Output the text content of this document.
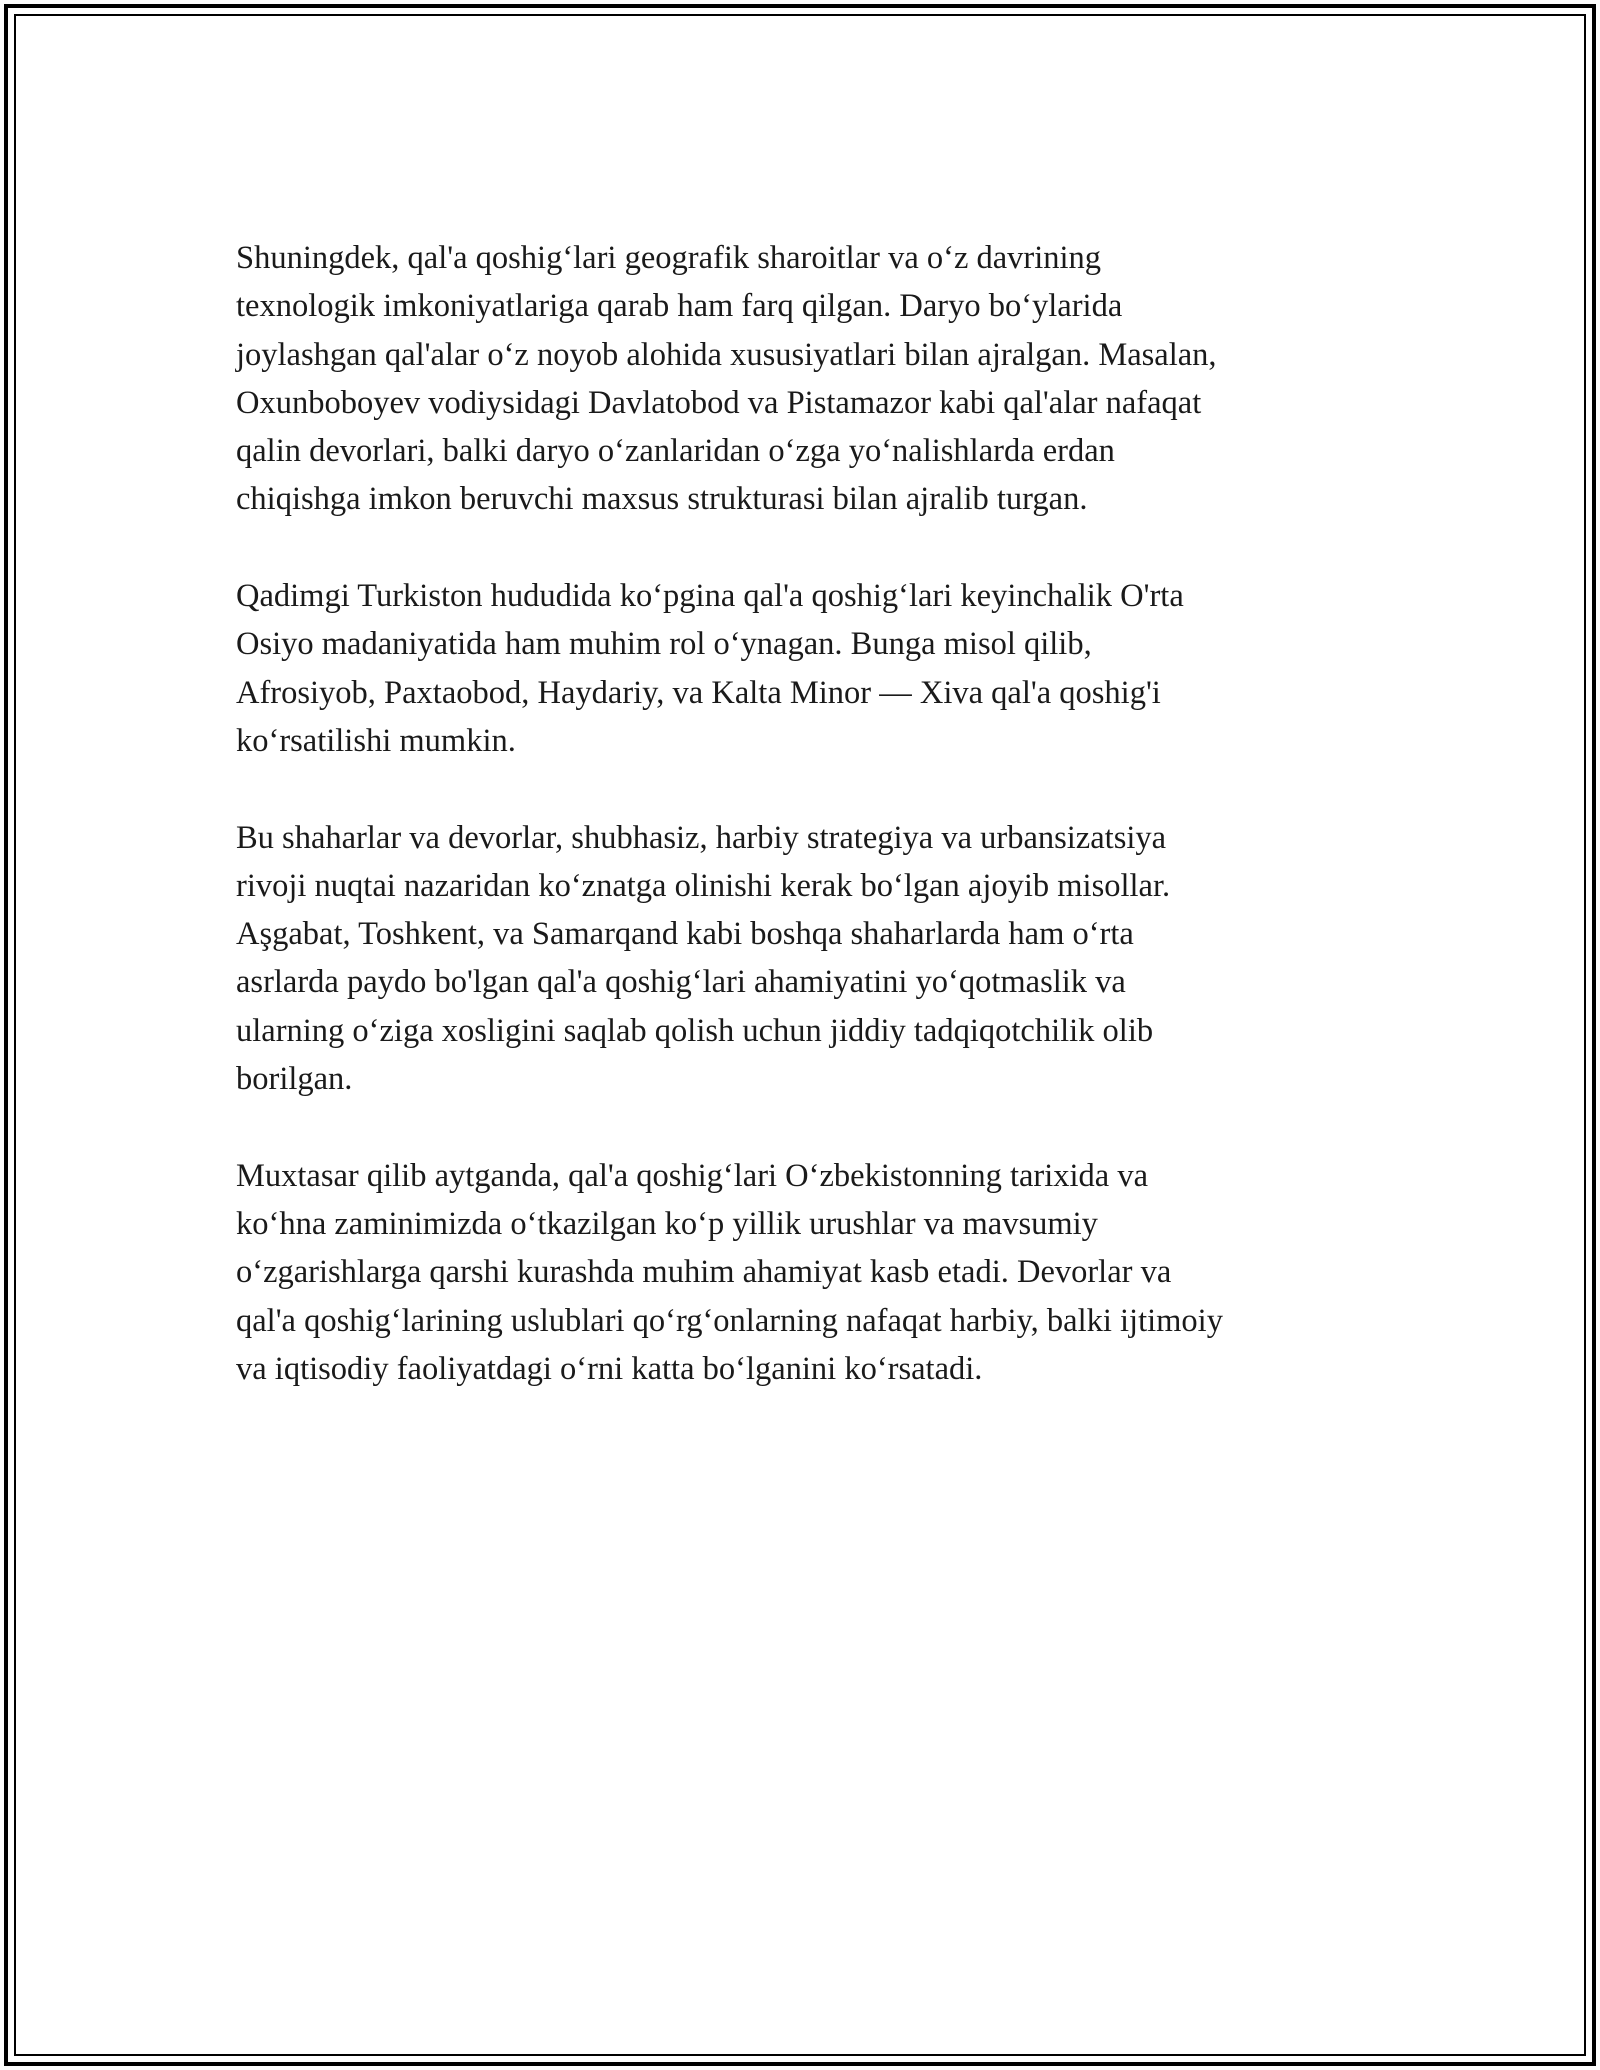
Shuningdek, qal'a qoshig‘lari geografik sharoitlar va o‘z davrining
texnologik imkoniyatlariga qarab ham farq qilgan. Daryo bo‘ylarida
joylashgan qal'alar o‘z noyob alohida xususiyatlari bilan ajralgan. Masalan,
Oxunboboyev vodiysidagi Davlatobod va Pistamazor kabi qal'alar nafaqat
qalin devorlari, balki daryo o‘zanlaridan o‘zga yo‘nalishlarda erdan
chiqishga imkon beruvchi maxsus strukturasi bilan ajralib turgan.

Qadimgi Turkiston hududida ko‘pgina qal'a qoshig‘lari keyinchalik O'rta
Osiyo madaniyatida ham muhim rol o‘ynagan. Bunga misol qilib,
Afrosiyob, Paxtaobod, Haydariy, va Kalta Minor — Xiva qal'a qoshig'i
ko‘rsatilishi mumkin.

Bu shaharlar va devorlar, shubhasiz, harbiy strategiya va urbansizatsiya
rivoji nuqtai nazaridan ko‘znatga olinishi kerak bo‘lgan ajoyib misollar.
Aşgabat, Toshkent, va Samarqand kabi boshqa shaharlarda ham o‘rta
asrlarda paydo bo'lgan qal'a qoshig‘lari ahamiyatini yo‘qotmaslik va
ularning o‘ziga xosligini saqlab qolish uchun jiddiy tadqiqotchilik olib
borilgan.

Muxtasar qilib aytganda, qal'a qoshig‘lari O‘zbekistonning tarixida va
ko‘hna zaminimizda o‘tkazilgan ko‘p yillik urushlar va mavsumiy
o‘zgarishlarga qarshi kurashda muhim ahamiyat kasb etadi. Devorlar va
qal'a qoshig‘larining uslublari qo‘rg‘onlarning nafaqat harbiy, balki ijtimoiy
va iqtisodiy faoliyatdagi o‘rni katta bo‘lganini ko‘rsatadi.
